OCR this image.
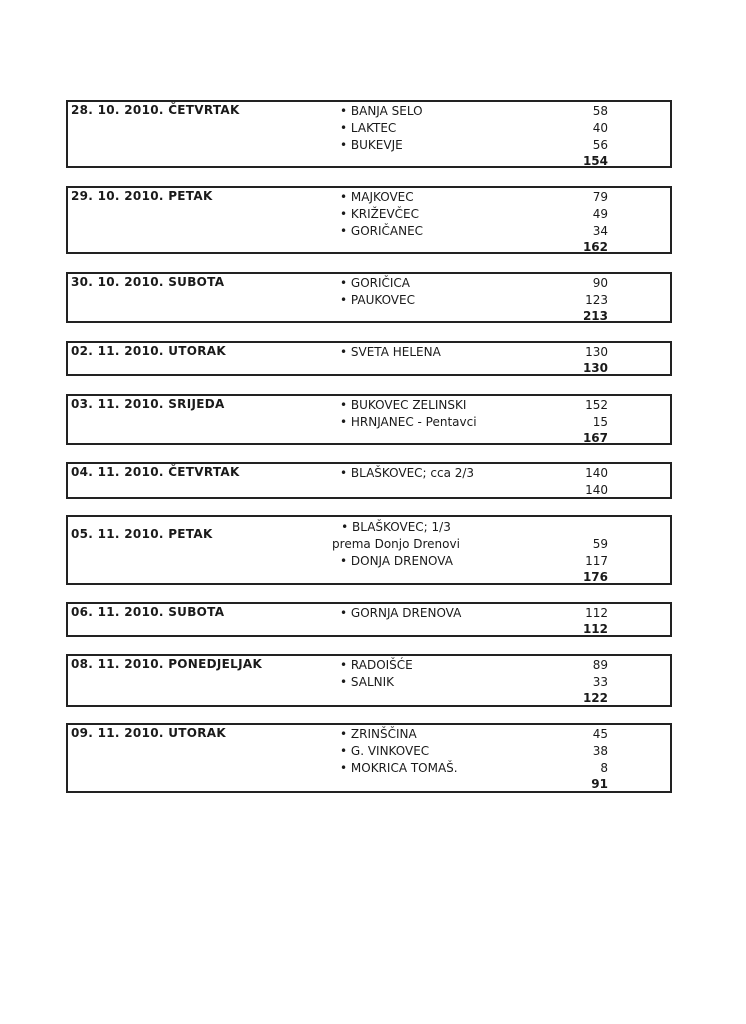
28. 10. 2010. ČETVRTAK	• BANJA SELO	58
• LAKTEC	40
• BUKEVJE	56
154
29. 10. 2010. PETAK	• MAJKOVEC	79
• KRIŽEVČEC	49
• GORIČANEC	34
162
30. 10. 2010. SUBOTA	• GORIČICA	90
• PAUKOVEC	123
213
02. 11. 2010. UTORAK	• SVETA HELENA	130
130
03. 11. 2010. SRIJEDA	• BUKOVEC ZELINSKI	152
• HRNJANEC - Pentavci	15
167
04. 11. 2010. ČETVRTAK	• BLAŠKOVEC; cca 2/3	140
140
05. 11. 2010. PETAK	• BLAŠKOVEC; 1/3
prema Donjo Drenovi	59
• DONJA DRENOVA	117
176
06. 11. 2010. SUBOTA	• GORNJA DRENOVA	112
112
08. 11. 2010. PONEDJELJAK	• RADOIŠĆE	89
• SALNIK	33
122
09. 11. 2010. UTORAK	• ZRINŠČINA	45
• G. VINKOVEC	38
• MOKRICA TOMAŠ.	8
91
